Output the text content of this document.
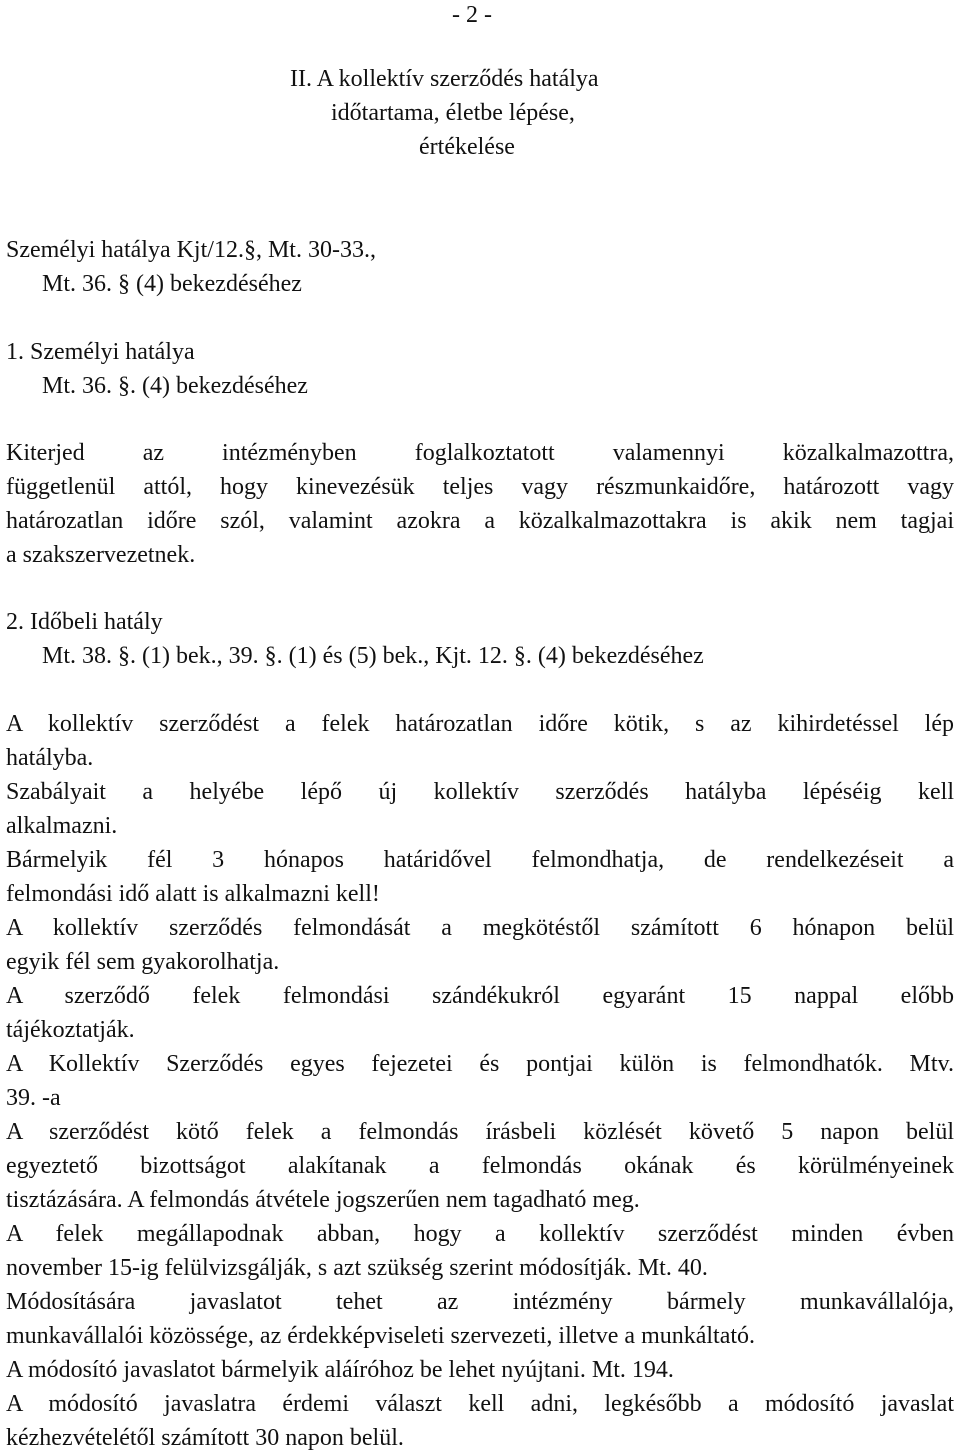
- 2 -
II. A kollektív szerződés hatálya
időtartama, életbe lépése,
értékelése
Személyi hatálya Kjt/12.§, Mt. 30-33.,
Mt. 36. § (4) bekezdéséhez
1. Személyi hatálya
Mt. 36. §. (4) bekezdéséhez
Kiterjed az intézményben foglalkoztatott valamennyi közalkalmazottra,
függetlenül attól, hogy kinevezésük teljes vagy részmunkaidőre, határozott vagy
határozatlan időre szól, valamint azokra a közalkalmazottakra is akik nem tagjai
a szakszervezetnek.
2. Időbeli hatály
Mt. 38. §. (1) bek., 39. §. (1) és (5) bek., Kjt. 12. §. (4) bekezdéséhez
A kollektív szerződést a felek határozatlan időre kötik, s az kihirdetéssel lép
hatályba.
Szabályait a helyébe lépő új kollektív szerződés hatályba lépéséig kell
alkalmazni.
Bármelyik fél 3 hónapos határidővel felmondhatja, de rendelkezéseit a
felmondási idő alatt is alkalmazni kell!
A kollektív szerződés felmondását a megkötéstől számított 6 hónapon belül
egyik fél sem gyakorolhatja.
A szerződő felek felmondási szándékukról egyaránt 15 nappal előbb
tájékoztatják.
A Kollektív Szerződés egyes fejezetei és pontjai külön is felmondhatók. Mtv.
39. -a
A szerződést kötő felek a felmondás írásbeli közlését követő 5 napon belül
egyeztető bizottságot alakítanak a felmondás okának és körülményeinek
tisztázására. A felmondás átvétele jogszerűen nem tagadható meg.
A felek megállapodnak abban, hogy a kollektív szerződést minden évben
november 15-ig felülvizsgálják, s azt szükség szerint módosítják. Mt. 40.
Módosítására javaslatot tehet az intézmény bármely munkavállalója,
munkavállalói közössége, az érdekképviseleti szervezeti, illetve a munkáltató.
A módosító javaslatot bármelyik aláíróhoz be lehet nyújtani. Mt. 194.
A módosító javaslatra érdemi választ kell adni, legkésőbb a módosító javaslat
kézhezvételétől számított 30 napon belül.
